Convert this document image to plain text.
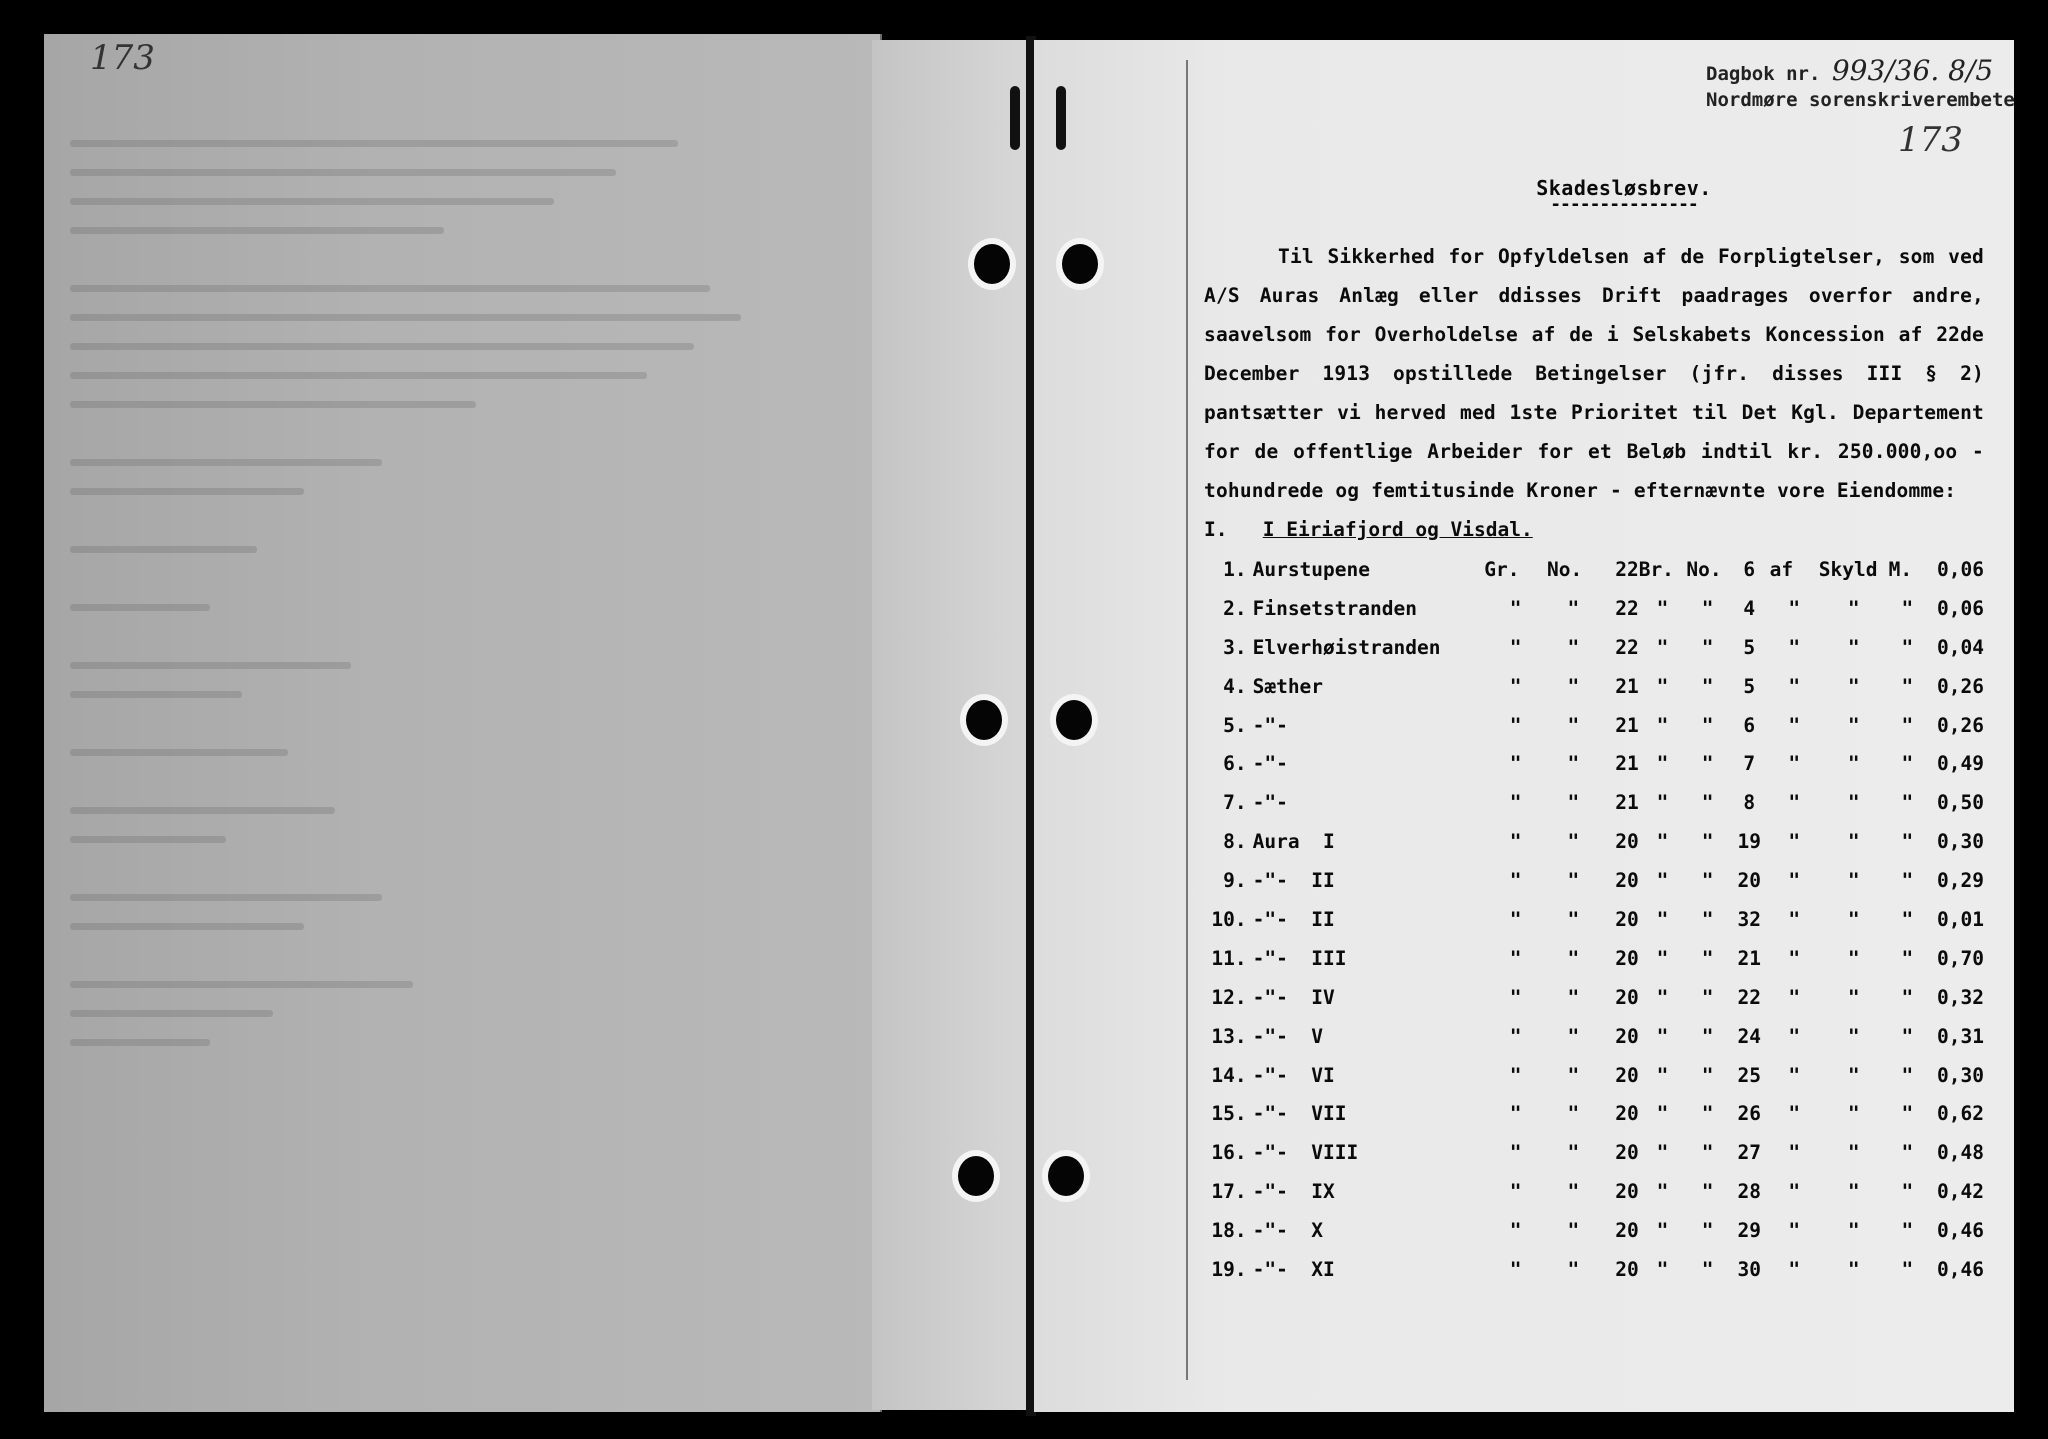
173
173
Dagbok nr. 993/36. 8/5
Nordmøre sorenskriverembete
Skadesløsbrev.
---------------
Til Sikkerhed for Opfyldelsen af de Forpligtelser, som ved A/S Auras Anlæg eller ddisses Drift paadrages overfor andre, saavelsom for Overholdelse af de i Selskabets Koncession af 22de December 1913 opstillede Betingelser (jfr. disses III § 2) pantsætter vi herved med 1ste Prioritet til Det Kgl. Departement for de offentlige Arbeider for et Beløb indtil kr. 250.000,oo - tohundrede og femtitusinde Kroner - efternævnte vore Eiendomme:
I. I Eiriafjord og Visdal.
1.	Aurstupene	Gr.	No.	22	Br.	No.	6	af	Skyld	M.	0,06
2.	Finsetstranden	"	"	22	"	"	4	"	"	"	0,06
3.	Elverhøistranden	"	"	22	"	"	5	"	"	"	0,04
4.	Sæther	"	"	21	"	"	5	"	"	"	0,26
5.	-"-	"	"	21	"	"	6	"	"	"	0,26
6.	-"-	"	"	21	"	"	7	"	"	"	0,49
7.	-"-	"	"	21	"	"	8	"	"	"	0,50
8.	Aura  I	"	"	20	"	"	19	"	"	"	0,30
9.	-"-  II	"	"	20	"	"	20	"	"	"	0,29
10.	-"-  II	"	"	20	"	"	32	"	"	"	0,01
11.	-"-  III	"	"	20	"	"	21	"	"	"	0,70
12.	-"-  IV	"	"	20	"	"	22	"	"	"	0,32
13.	-"-  V	"	"	20	"	"	24	"	"	"	0,31
14.	-"-  VI	"	"	20	"	"	25	"	"	"	0,30
15.	-"-  VII	"	"	20	"	"	26	"	"	"	0,62
16.	-"-  VIII	"	"	20	"	"	27	"	"	"	0,48
17.	-"-  IX	"	"	20	"	"	28	"	"	"	0,42
18.	-"-  X	"	"	20	"	"	29	"	"	"	0,46
19.	-"-  XI	"	"	20	"	"	30	"	"	"	0,46
